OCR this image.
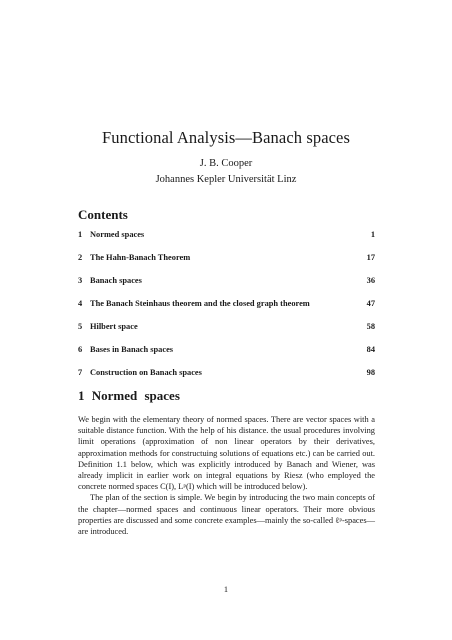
Functional Analysis—Banach spaces
J. B. Cooper
Johannes Kepler Universität Linz
Contents
1 Normed spaces	1
2 The Hahn-Banach Theorem	17
3 Banach spaces	36
4 The Banach Steinhaus theorem and the closed graph theorem	47
5 Hilbert space	58
6 Bases in Banach spaces	84
7 Construction on Banach spaces	98
1 Normed spaces

We begin with the elementary theory of normed spaces. There are vector spaces with a suitable distance function. With the help of his distance. the usual procedures involving limit operations (approximation of non linear operators by their derivatives, approximation methods for constructuing solutions of equations etc.) can be carried out. Definition 1.1 below, which was explicitly introduced by Banach and Wiener, was already implicit in earlier work on integral equations by Riesz (who employed the concrete normed spaces C(I), Lᵖ(I) which will be introduced below).

The plan of the section is simple. We begin by introducing the two main concepts of the chapter—normed spaces and continuous linear operators. Their more obvious properties are discussed and some concrete examples—mainly the so-called ℓᵖ-spaces—are introduced.

1
